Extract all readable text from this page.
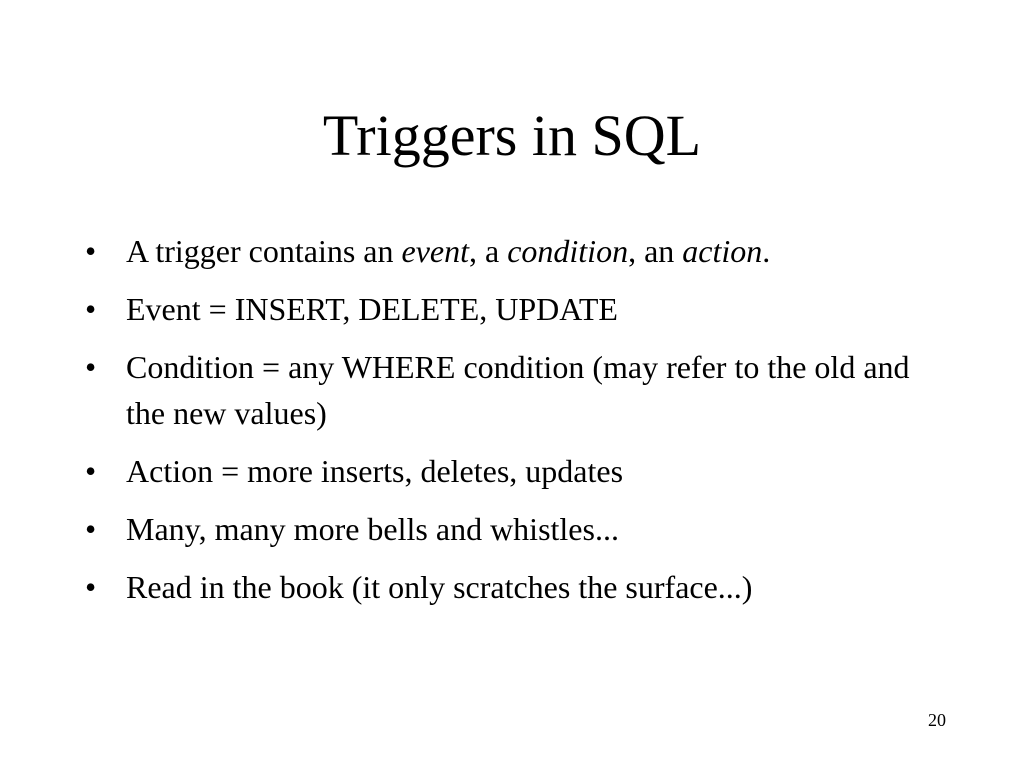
Triggers in SQL
• A trigger contains an event, a condition, an action.
• Event = INSERT, DELETE, UPDATE
• Condition = any WHERE condition (may refer to the old and the new values)
• Action = more inserts, deletes, updates
• Many, many more bells and whistles...
• Read in the book (it only scratches the surface...)
20
